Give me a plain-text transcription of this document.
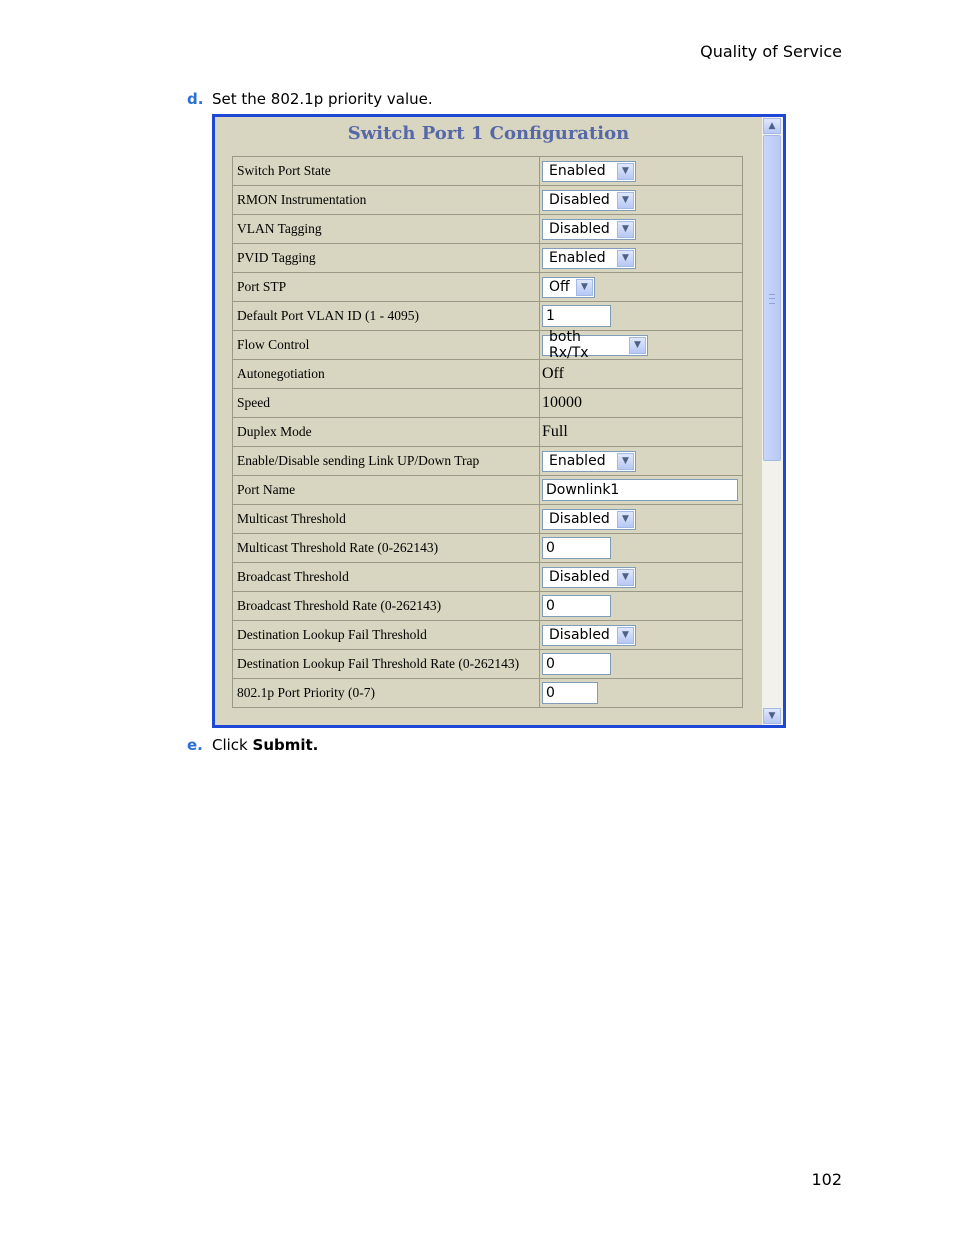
Quality of Service
d. Set the 802.1p priority value.
Switch Port 1 Configuration
Switch Port State	Enabled ▼

RMON Instrumentation	Disabled ▼

VLAN Tagging	Disabled ▼

PVID Tagging	Enabled ▼

Port STP	Off ▼

Default Port VLAN ID (1 - 4095)	1
Flow Control	both Rx/Tx ▼

Autonegotiation	Off
Speed	10000
Duplex Mode	Full
Enable/Disable sending Link UP/Down Trap	Enabled ▼

Port Name	Downlink1
Multicast Threshold	Disabled ▼

Multicast Threshold Rate (0-262143)	0
Broadcast Threshold	Disabled ▼

Broadcast Threshold Rate (0-262143)	0
Destination Lookup Fail Threshold	Disabled ▼

Destination Lookup Fail Threshold Rate (0-262143)	0
802.1p Port Priority (0-7)	0
▲
▼
e. Click Submit.
102
